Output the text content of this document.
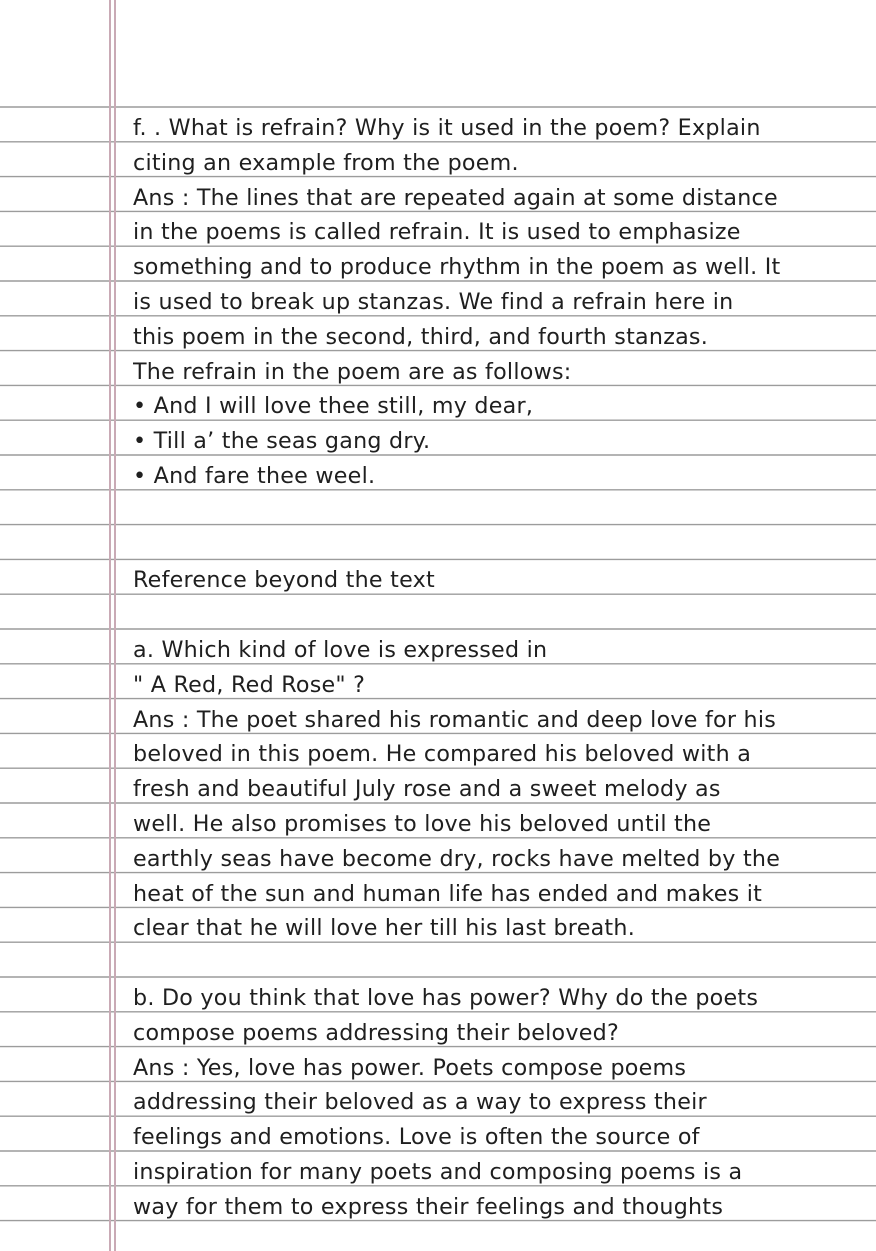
f. . What is refrain? Why is it used in the poem? Explain
citing an example from the poem.
Ans : The lines that are repeated again at some distance
in the poems is called refrain. It is used to emphasize
something and to produce rhythm in the poem as well. It
is used to break up stanzas. We find a refrain here in
this poem in the second, third, and fourth stanzas.
The refrain in the poem are as follows:
• And I will love thee still, my dear,
• Till a’ the seas gang dry.
• And fare thee weel.
Reference beyond the text
a. Which kind of love is expressed in
" A Red, Red Rose" ?
Ans : The poet shared his romantic and deep love for his
beloved in this poem. He compared his beloved with a
fresh and beautiful July rose and a sweet melody as
well. He also promises to love his beloved until the
earthly seas have become dry, rocks have melted by the
heat of the sun and human life has ended and makes it
clear that he will love her till his last breath.
b. Do you think that love has power? Why do the poets
compose poems addressing their beloved?
Ans : Yes, love has power. Poets compose poems
addressing their beloved as a way to express their
feelings and emotions. Love is often the source of
inspiration for many poets and composing poems is a
way for them to express their feelings and thoughts
